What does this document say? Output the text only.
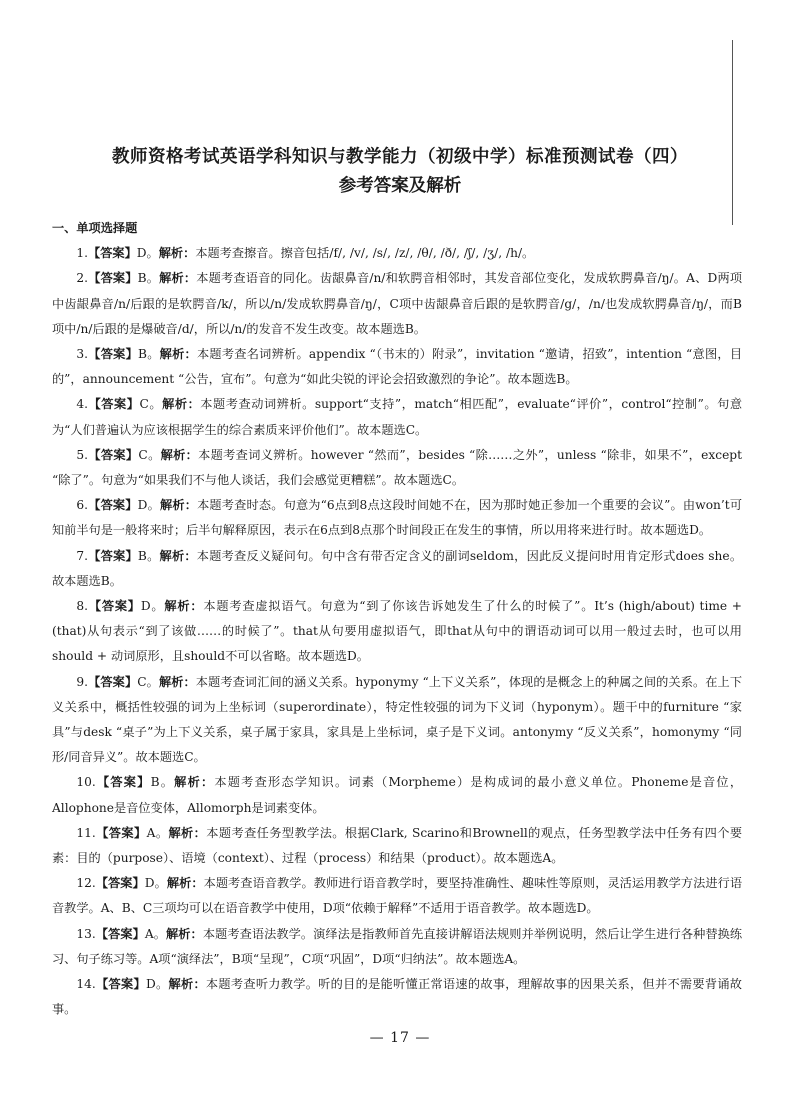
教师资格考试英语学科知识与教学能力（初级中学）标准预测试卷（四）

参考答案及解析

一、单项选择题

1.【答案】D。解析：本题考查擦音。擦音包括/f/, /v/, /s/, /z/, /θ/, /ð/, /ʃ/, /ʒ/, /h/。

2.【答案】B。解析：本题考查语音的同化。齿龈鼻音/n/和软腭音相邻时，其发音部位变化，发成软腭鼻音/ŋ/。A、D两项中齿龈鼻音/n/后跟的是软腭音/k/，所以/n/发成软腭鼻音/ŋ/，C项中齿龈鼻音后跟的是软腭音/g/，/n/也发成软腭鼻音/ŋ/，而B项中/n/后跟的是爆破音/d/，所以/n/的发音不发生改变。故本题选B。

3.【答案】B。解析：本题考查名词辨析。appendix “（书末的）附录”，invitation “邀请，招致”，intention “意图，目的”，announcement “公告，宣布”。句意为“如此尖锐的评论会招致激烈的争论”。故本题选B。

4.【答案】C。解析：本题考查动词辨析。support“支持”，match“相匹配”，evaluate“评价”，control“控制”。句意为“人们普遍认为应该根据学生的综合素质来评价他们”。故本题选C。

5.【答案】C。解析：本题考查词义辨析。however “然而”，besides “除……之外”，unless “除非，如果不”，except “除了”。句意为“如果我们不与他人谈话，我们会感觉更糟糕”。故本题选C。

6.【答案】D。解析：本题考查时态。句意为“6点到8点这段时间她不在，因为那时她正参加一个重要的会议”。由won’t可知前半句是一般将来时；后半句解释原因，表示在6点到8点那个时间段正在发生的事情，所以用将来进行时。故本题选D。

7.【答案】B。解析：本题考查反义疑问句。句中含有带否定含义的副词seldom，因此反义提问时用肯定形式does she。故本题选B。

8.【答案】D。解析：本题考查虚拟语气。句意为“到了你该告诉她发生了什么的时候了”。It’s (high/about) time + (that)从句表示“到了该做……的时候了”。that从句要用虚拟语气，即that从句中的谓语动词可以用一般过去时，也可以用should + 动词原形，且should不可以省略。故本题选D。

9.【答案】C。解析：本题考查词汇间的涵义关系。hyponymy “上下义关系”，体现的是概念上的种属之间的关系。在上下义关系中，概括性较强的词为上坐标词（superordinate），特定性较强的词为下义词（hyponym）。题干中的furniture “家具”与desk “桌子”为上下义关系，桌子属于家具，家具是上坐标词，桌子是下义词。antonymy “反义关系”，homonymy “同形/同音异义”。故本题选C。

10.【答案】B。解析：本题考查形态学知识。词素（Morpheme）是构成词的最小意义单位。Phoneme是音位，Allophone是音位变体，Allomorph是词素变体。

11.【答案】A。解析：本题考查任务型教学法。根据Clark, Scarino和Brownell的观点，任务型教学法中任务有四个要素：目的（purpose）、语境（context）、过程（process）和结果（product）。故本题选A。

12.【答案】D。解析：本题考查语音教学。教师进行语音教学时，要坚持准确性、趣味性等原则，灵活运用教学方法进行语音教学。A、B、C三项均可以在语音教学中使用，D项“依赖于解释”不适用于语音教学。故本题选D。

13.【答案】A。解析：本题考查语法教学。演绎法是指教师首先直接讲解语法规则并举例说明，然后让学生进行各种替换练习、句子练习等。A项“演绎法”，B项“呈现”，C项“巩固”，D项“归纳法”。故本题选A。

14.【答案】D。解析：本题考查听力教学。听的目的是能听懂正常语速的故事，理解故事的因果关系，但并不需要背诵故事。

— 17 —
